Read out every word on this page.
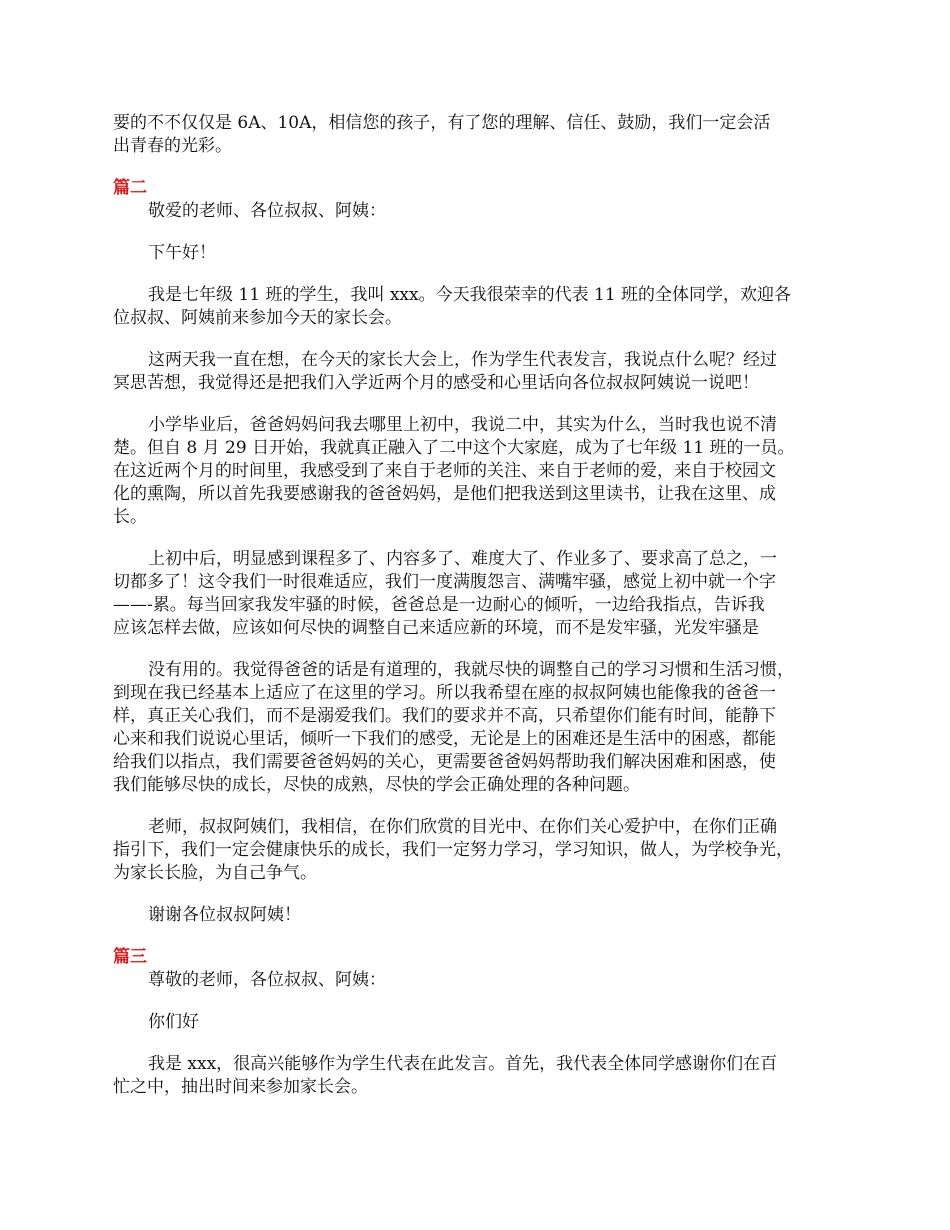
要的不不仅仅是 6A、10A，相信您的孩子，有了您的理解、信任、鼓励，我们一定会活
出青春的光彩。
篇二
敬爱的老师、各位叔叔、阿姨：
下午好！
我是七年级 11 班的学生，我叫 xxx。今天我很荣幸的代表 11 班的全体同学，欢迎各
位叔叔、阿姨前来参加今天的家长会。
这两天我一直在想，在今天的家长大会上，作为学生代表发言，我说点什么呢？经过
冥思苦想，我觉得还是把我们入学近两个月的感受和心里话向各位叔叔阿姨说一说吧！
小学毕业后，爸爸妈妈问我去哪里上初中，我说二中，其实为什么，当时我也说不清
楚。但自 8 月 29 日开始，我就真正融入了二中这个大家庭，成为了七年级 11 班的一员。
在这近两个月的时间里，我感受到了来自于老师的关注、来自于老师的爱，来自于校园文
化的熏陶，所以首先我要感谢我的爸爸妈妈，是他们把我送到这里读书，让我在这里、成
长。
上初中后，明显感到课程多了、内容多了、难度大了、作业多了、要求高了总之，一
切都多了！这令我们一时很难适应，我们一度满腹怨言、满嘴牢骚，感觉上初中就一个字
——-累。每当回家我发牢骚的时候，爸爸总是一边耐心的倾听，一边给我指点，告诉我
应该怎样去做，应该如何尽快的调整自己来适应新的环境，而不是发牢骚，光发牢骚是
没有用的。我觉得爸爸的话是有道理的，我就尽快的调整自己的学习习惯和生活习惯，
到现在我已经基本上适应了在这里的学习。所以我希望在座的叔叔阿姨也能像我的爸爸一
样，真正关心我们，而不是溺爱我们。我们的要求并不高，只希望你们能有时间，能静下
心来和我们说说心里话，倾听一下我们的感受，无论是上的困难还是生活中的困惑，都能
给我们以指点，我们需要爸爸妈妈的关心，更需要爸爸妈妈帮助我们解决困难和困惑，使
我们能够尽快的成长，尽快的成熟，尽快的学会正确处理的各种问题。
老师，叔叔阿姨们，我相信，在你们欣赏的目光中、在你们关心爱护中，在你们正确
指引下，我们一定会健康快乐的成长，我们一定努力学习，学习知识，做人，为学校争光，
为家长长脸，为自己争气。
谢谢各位叔叔阿姨！
篇三
尊敬的老师，各位叔叔、阿姨：
你们好
我是 xxx，很高兴能够作为学生代表在此发言。首先，我代表全体同学感谢你们在百
忙之中，抽出时间来参加家长会。
